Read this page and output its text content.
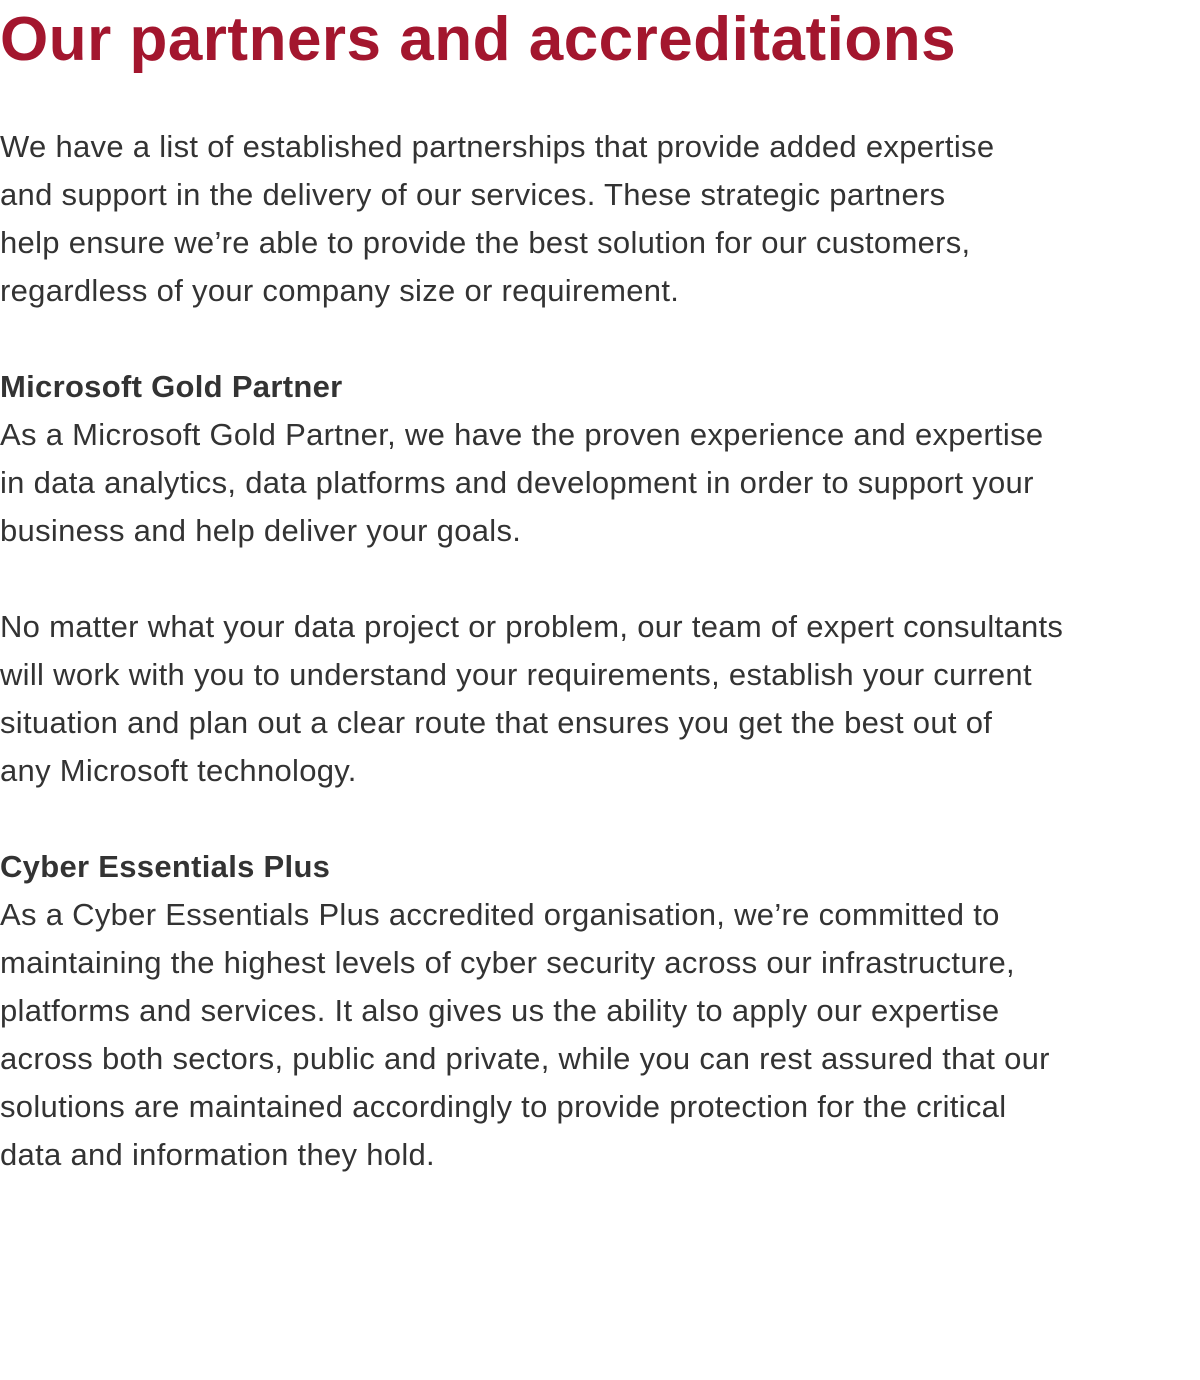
Our partners and accreditations
We have a list of established partnerships that provide added expertise
and support in the delivery of our services. These strategic partners
help ensure we’re able to provide the best solution for our customers,
regardless of your company size or requirement.
Microsoft Gold Partner
As a Microsoft Gold Partner, we have the proven experience and expertise
in data analytics, data platforms and development in order to support your
business and help deliver your goals.
No matter what your data project or problem, our team of expert consultants
will work with you to understand your requirements, establish your current
situation and plan out a clear route that ensures you get the best out of
any Microsoft technology.
Cyber Essentials Plus
As a Cyber Essentials Plus accredited organisation, we’re committed to
maintaining the highest levels of cyber security across our infrastructure,
platforms and services. It also gives us the ability to apply our expertise
across both sectors, public and private, while you can rest assured that our
solutions are maintained accordingly to provide protection for the critical
data and information they hold.
